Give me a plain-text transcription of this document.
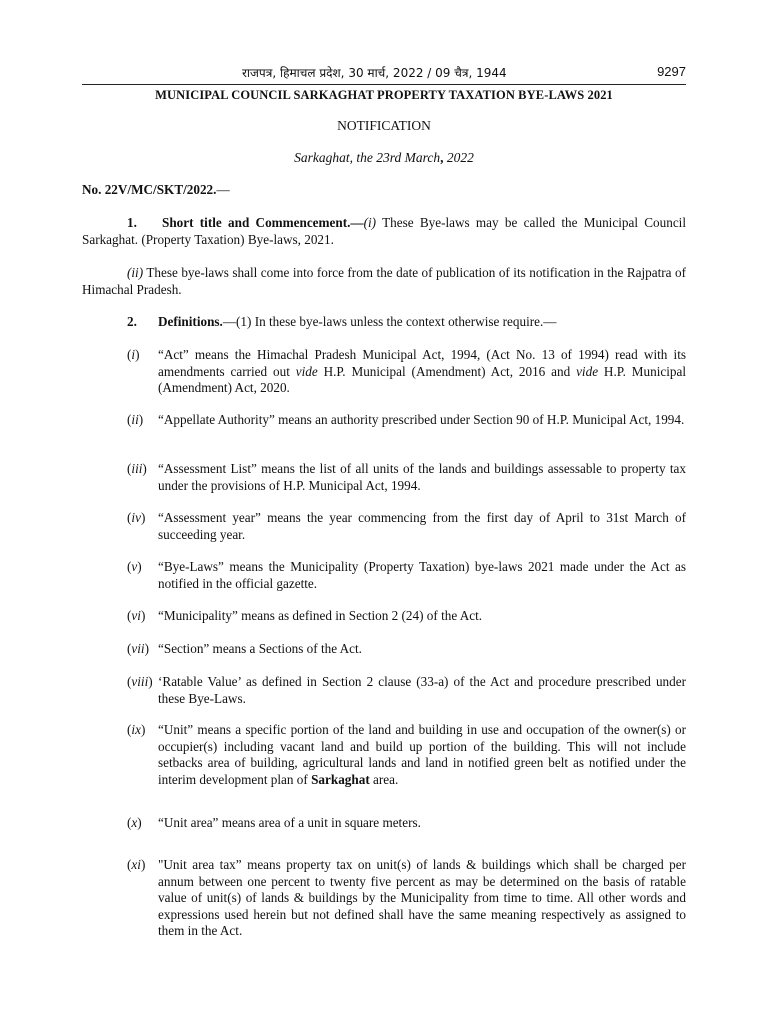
राजपत्र, हिमाचल प्रदेश, 30 मार्च, 2022 / 09 चैत्र, 1944	9297
MUNICIPAL COUNCIL SARKAGHAT PROPERTY TAXATION BYE-LAWS 2021
NOTIFICATION
Sarkaghat, the 23rd March, 2022
No. 22V/MC/SKT/2022.—
1. Short title and Commencement.—(i) These Bye-laws may be called the Municipal Council Sarkaghat. (Property Taxation) Bye-laws, 2021.
(ii) These bye-laws shall come into force from the date of publication of its notification in the Rajpatra of Himachal Pradesh.
2. Definitions.—(1) In these bye-laws unless the context otherwise require.—
(i) “Act” means the Himachal Pradesh Municipal Act, 1994, (Act No. 13 of 1994) read with its amendments carried out vide H.P. Municipal (Amendment) Act, 2016 and vide H.P. Municipal (Amendment) Act, 2020.
(ii) “Appellate Authority” means an authority prescribed under Section 90 of H.P. Municipal Act, 1994.
(iii) “Assessment List” means the list of all units of the lands and buildings assessable to property tax under the provisions of H.P. Municipal Act, 1994.
(iv) “Assessment year” means the year commencing from the first day of April to 31st March of succeeding year.
(v) “Bye-Laws” means the Municipality (Property Taxation) bye-laws 2021 made under the Act as notified in the official gazette.
(vi) “Municipality” means as defined in Section 2 (24) of the Act.
(vii) “Section” means a Sections of the Act.
(viii) ‘Ratable Value’ as defined in Section 2 clause (33-a) of the Act and procedure prescribed under these Bye-Laws.
(ix) “Unit” means a specific portion of the land and building in use and occupation of the owner(s) or occupier(s) including vacant land and build up portion of the building. This will not include setbacks area of building, agricultural lands and land in notified green belt as notified under the interim development plan of Sarkaghat area.
(x) “Unit area” means area of a unit in square meters.
(xi) "Unit area tax” means property tax on unit(s) of lands & buildings which shall be charged per annum between one percent to twenty five percent as may be determined on the basis of ratable value of unit(s) of lands & buildings by the Municipality from time to time. All other words and expressions used herein but not defined shall have the same meaning respectively as assigned to them in the Act.
